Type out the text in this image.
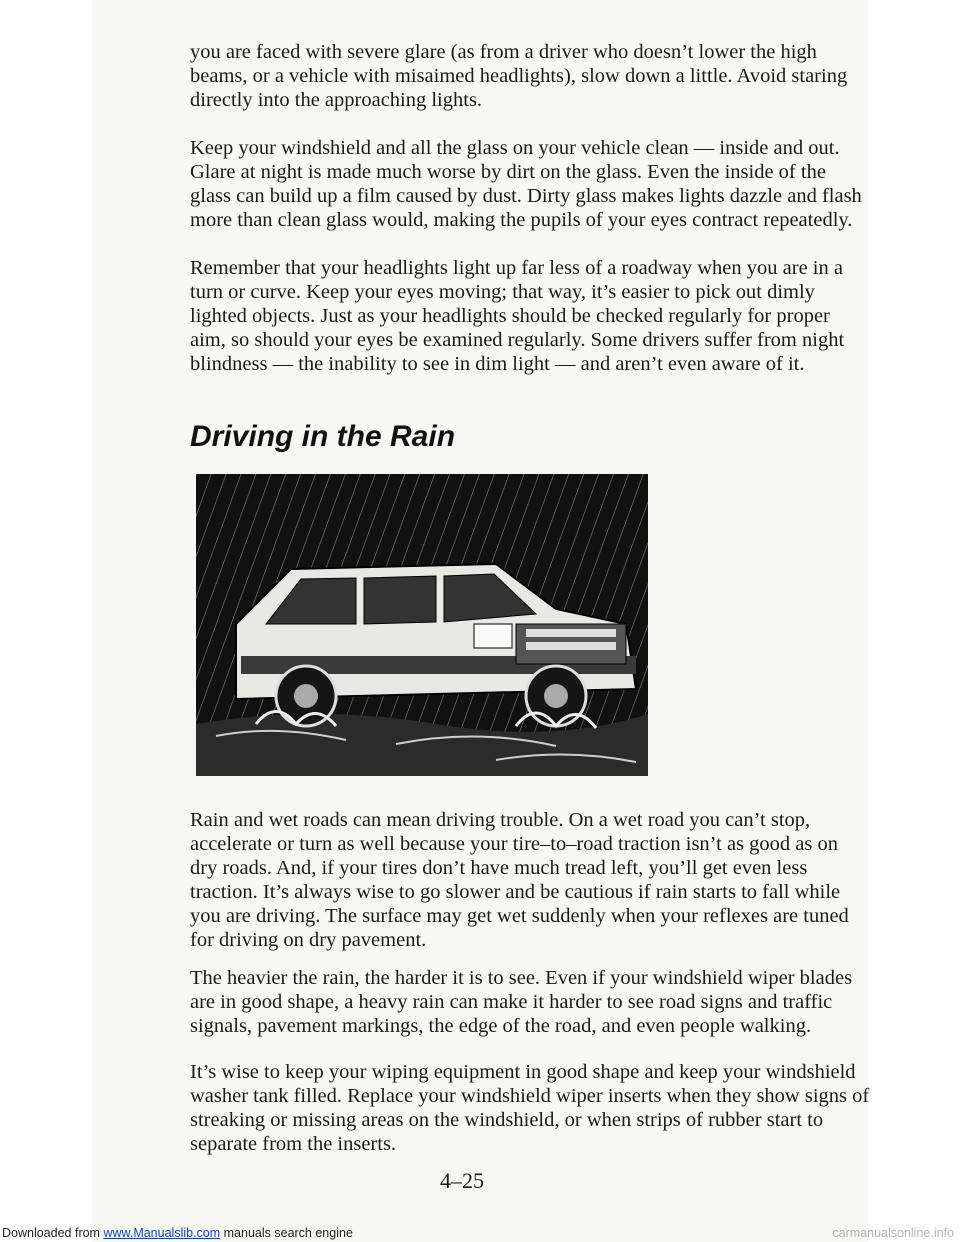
you are faced with severe glare (as from a driver who doesn’t lower the high beams, or a vehicle with misaimed headlights), slow down a little. Avoid staring directly into the approaching lights.

Keep your windshield and all the glass on your vehicle clean — inside and out. Glare at night is made much worse by dirt on the glass. Even the inside of the glass can build up a film caused by dust. Dirty glass makes lights dazzle and flash more than clean glass would, making the pupils of your eyes contract repeatedly.

Remember that your headlights light up far less of a roadway when you are in a turn or curve. Keep your eyes moving; that way, it’s easier to pick out dimly lighted objects. Just as your headlights should be checked regularly for proper aim, so should your eyes be examined regularly. Some drivers suffer from night blindness — the inability to see in dim light — and aren’t even aware of it.

Driving in the Rain

Rain and wet roads can mean driving trouble. On a wet road you can’t stop, accelerate or turn as well because your tire–to–road traction isn’t as good as on dry roads. And, if your tires don’t have much tread left, you’ll get even less traction. It’s always wise to go slower and be cautious if rain starts to fall while you are driving. The surface may get wet suddenly when your reflexes are tuned for driving on dry pavement.

The heavier the rain, the harder it is to see. Even if your windshield wiper blades are in good shape, a heavy rain can make it harder to see road signs and traffic signals, pavement markings, the edge of the road, and even people walking.

It’s wise to keep your wiping equipment in good shape and keep your windshield washer tank filled. Replace your windshield wiper inserts when they show signs of streaking or missing areas on the windshield, or when strips of rubber start to separate from the inserts.

4–25

Downloaded from www.Manualslib.com manuals search engine	carmanualsonline.info
